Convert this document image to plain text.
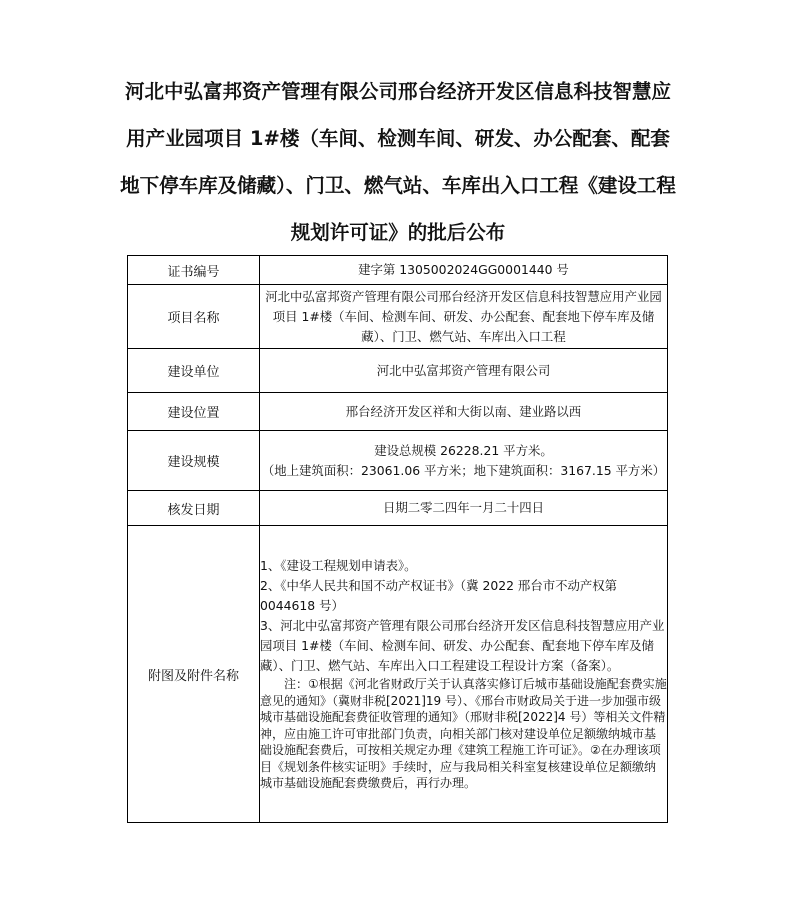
河北中弘富邦资产管理有限公司邢台经济开发区信息科技智慧应用产业园项目 1#楼（车间、检测车间、研发、办公配套、配套地下停车库及储藏）、门卫、燃气站、车库出入口工程《建设工程规划许可证》的批后公布
证书编号	建字第 1305002024GG0001440 号
项目名称	河北中弘富邦资产管理有限公司邢台经济开发区信息科技智慧应用产业园项目 1#楼（车间、检测车间、研发、办公配套、配套地下停车库及储藏）、门卫、燃气站、车库出入口工程
建设单位	河北中弘富邦资产管理有限公司
建设位置	邢台经济开发区祥和大街以南、建业路以西
建设规模	建设总规模 26228.21 平方米。
（地上建筑面积：23061.06 平方米；地下建筑面积：3167.15 平方米）

核发日期	日期二零二四年一月二十四日
附图及附件名称	1、《建设工程规划申请表》。

2、《中华人民共和国不动产权证书》（冀 2022 邢台市不动产权第 0044618 号）

3、河北中弘富邦资产管理有限公司邢台经济开发区信息科技智慧应用产业园项目 1#楼（车间、检测车间、研发、办公配套、配套地下停车库及储藏）、门卫、燃气站、车库出入口工程建设工程设计方案（备案）。

注：①根据《河北省财政厅关于认真落实修订后城市基础设施配套费实施意见的通知》（冀财非税[2021]19 号）、《邢台市财政局关于进一步加强市级城市基础设施配套费征收管理的通知》（邢财非税[2022]4 号）等相关文件精神，应由施工许可审批部门负责，向相关部门核对建设单位足额缴纳城市基础设施配套费后，可按相关规定办理《建筑工程施工许可证》。②在办理该项目《规划条件核实证明》手续时，应与我局相关科室复核建设单位足额缴纳城市基础设施配套费缴费后，再行办理。
